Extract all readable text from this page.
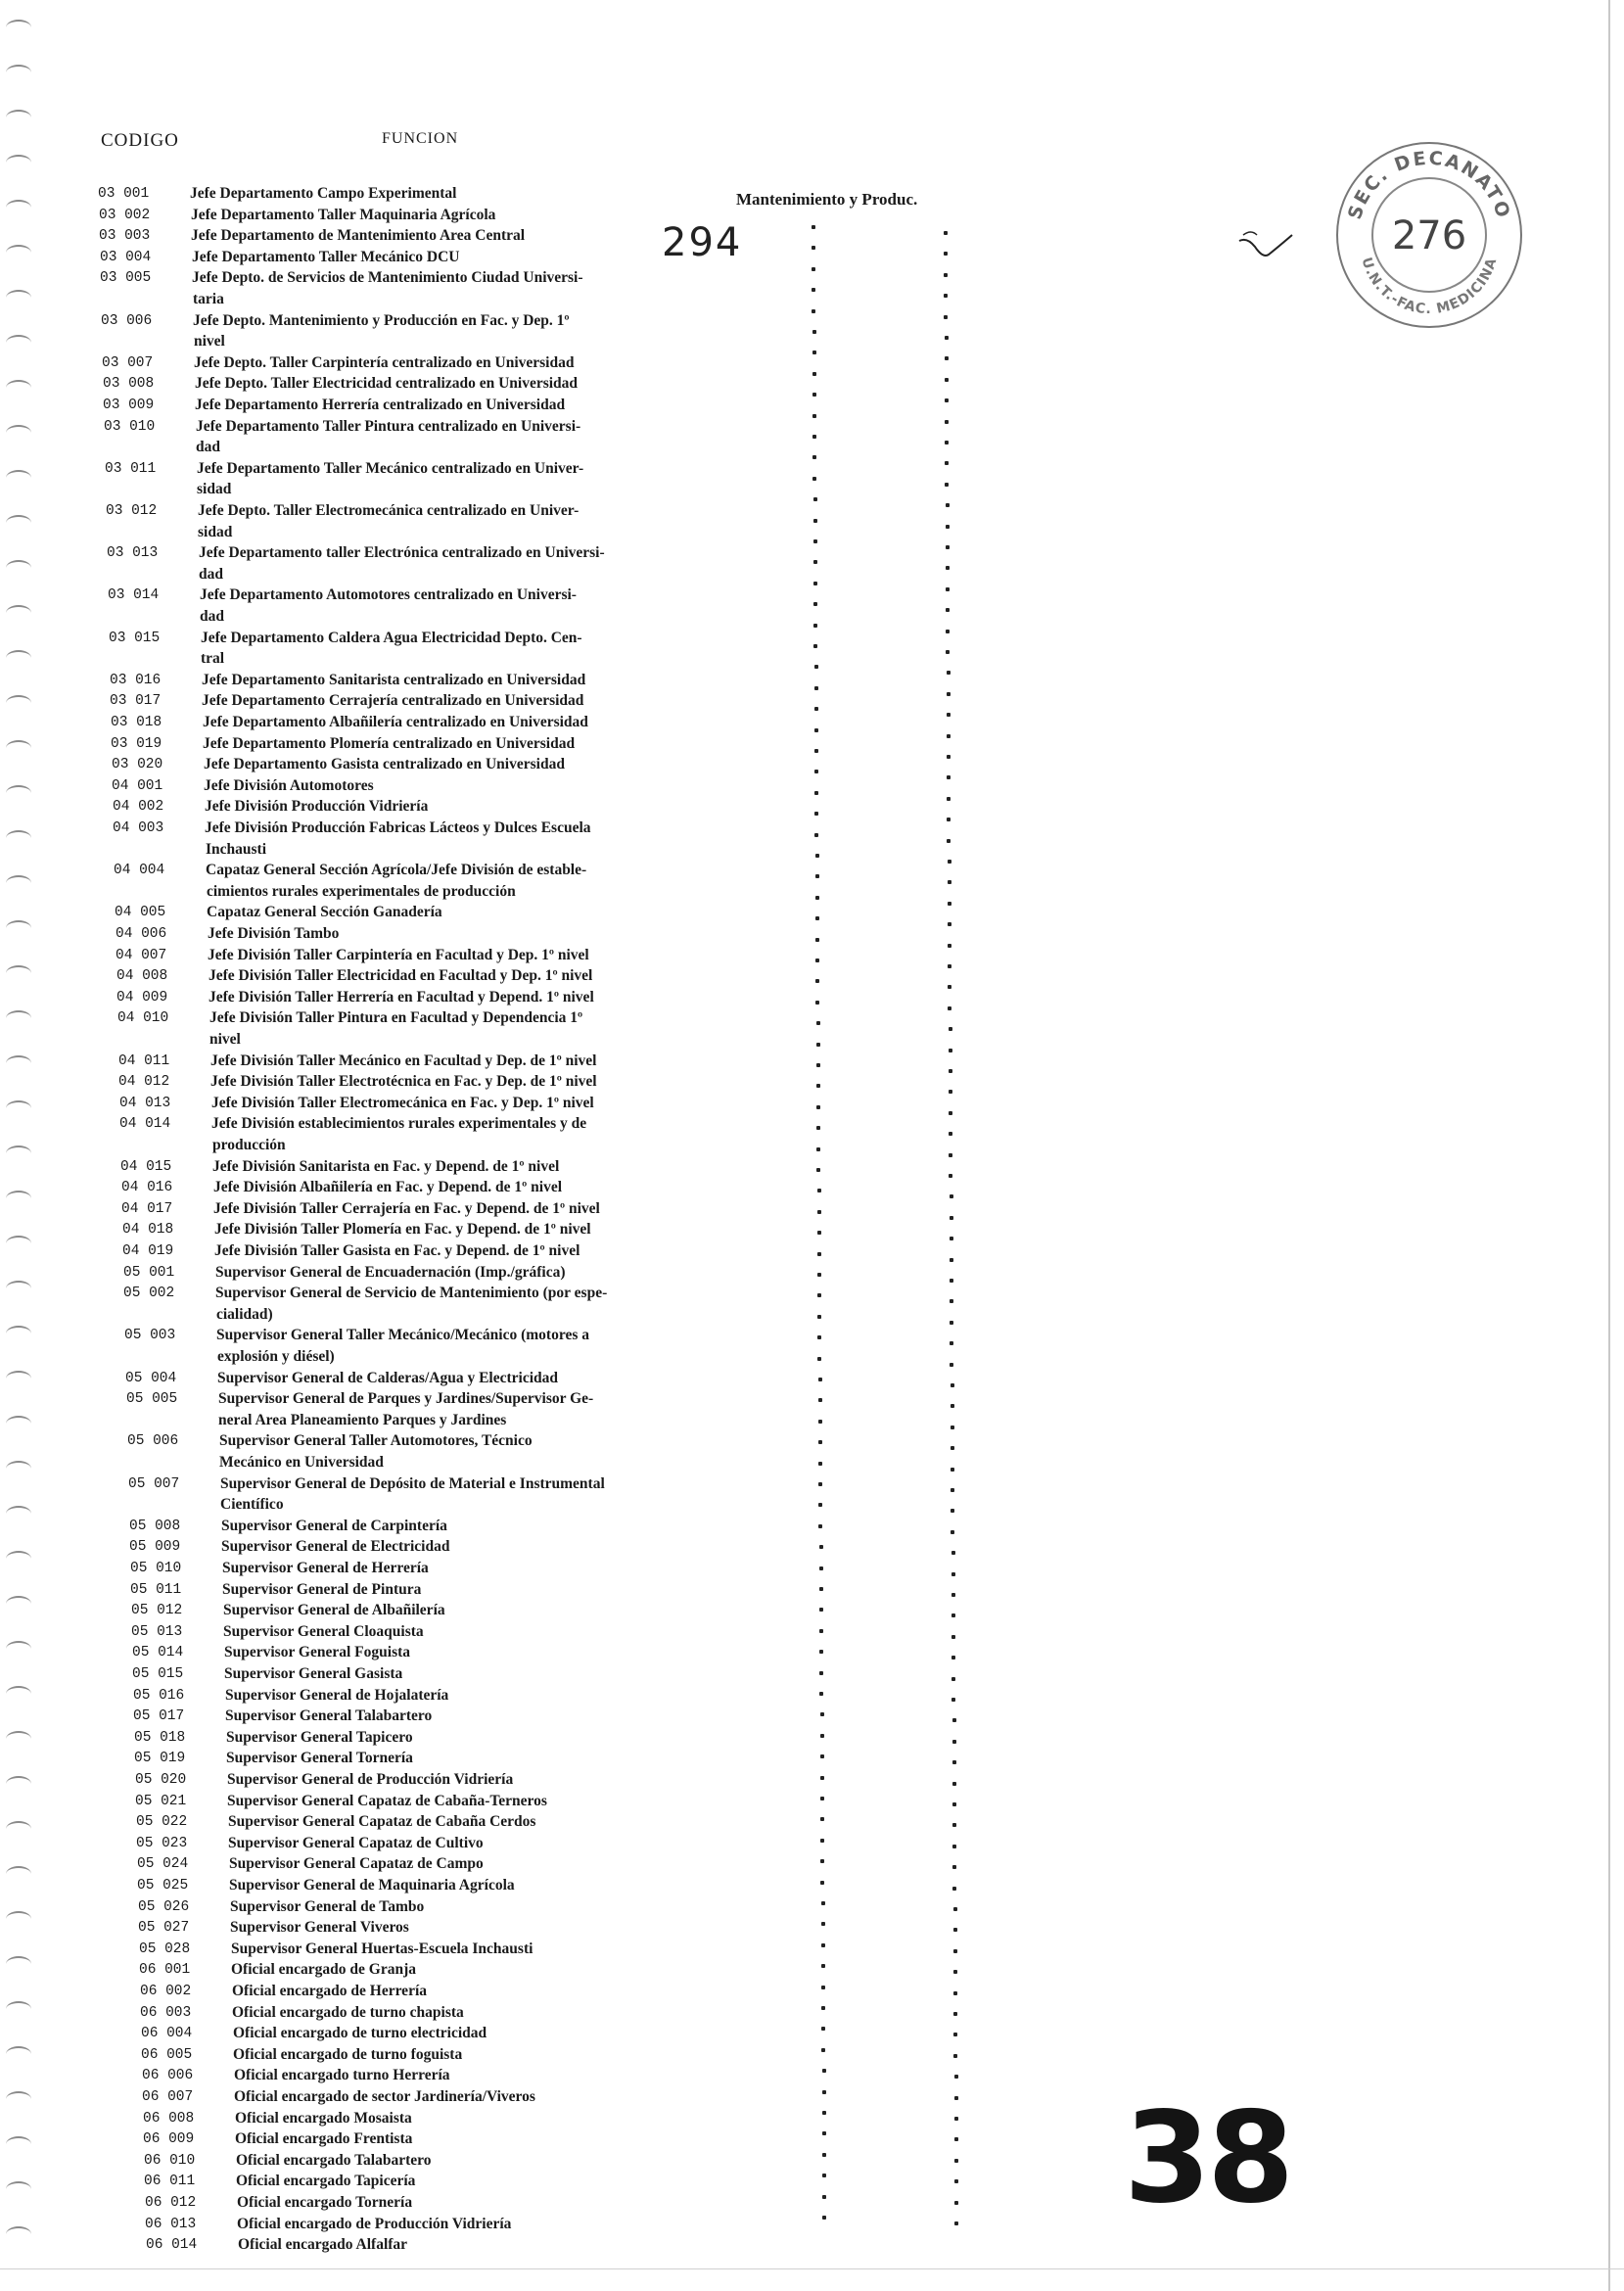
CODIGO	FUNCION
Mantenimiento y Produc.
294
SEC. DECANATO
U.N.T.-FAC. MEDICINA
276
03 001	Jefe Departamento Campo Experimental
03 002	Jefe Departamento Taller Maquinaria Agrícola
03 003	Jefe Departamento de Mantenimiento Area Central
03 004	Jefe Departamento Taller Mecánico DCU
03 005	Jefe Depto. de Servicios de Mantenimiento Ciudad Universi-
taria
03 006	Jefe Depto. Mantenimiento y Producción en Fac. y Dep. 1º
nivel
03 007	Jefe Depto. Taller Carpintería centralizado en Universidad
03 008	Jefe Depto. Taller Electricidad centralizado en Universidad
03 009	Jefe Departamento Herrería centralizado en Universidad
03 010	Jefe Departamento Taller Pintura centralizado en Universi-
dad
03 011	Jefe Departamento Taller Mecánico centralizado en Univer-
sidad
03 012	Jefe Depto. Taller Electromecánica centralizado en Univer-
sidad
03 013	Jefe Departamento taller Electrónica centralizado en Universi-
dad
03 014	Jefe Departamento Automotores centralizado en Universi-
dad
03 015	Jefe Departamento Caldera Agua Electricidad Depto. Cen-
tral
03 016	Jefe Departamento Sanitarista centralizado en Universidad
03 017	Jefe Departamento Cerrajería centralizado en Universidad
03 018	Jefe Departamento Albañilería centralizado en Universidad
03 019	Jefe Departamento Plomería centralizado en Universidad
03 020	Jefe Departamento Gasista centralizado en Universidad
04 001	Jefe División Automotores
04 002	Jefe División Producción Vidriería
04 003	Jefe División Producción Fabricas Lácteos y Dulces Escuela
Inchausti
04 004	Capataz General Sección Agrícola/Jefe División de estable-
cimientos rurales experimentales de producción
04 005	Capataz General Sección Ganadería
04 006	Jefe División Tambo
04 007	Jefe División Taller Carpintería en Facultad y Dep. 1º nivel
04 008	Jefe División Taller Electricidad en Facultad y Dep. 1º nivel
04 009	Jefe División Taller Herrería en Facultad y Depend. 1º nivel
04 010	Jefe División Taller Pintura en Facultad y Dependencia 1º
nivel
04 011	Jefe División Taller Mecánico en Facultad y Dep. de 1º nivel
04 012	Jefe División Taller Electrotécnica en Fac. y Dep. de 1º nivel
04 013	Jefe División Taller Electromecánica en Fac. y Dep. 1º nivel
04 014	Jefe División establecimientos rurales experimentales y de
producción
04 015	Jefe División Sanitarista en Fac. y Depend. de 1º nivel
04 016	Jefe División Albañilería en Fac. y Depend. de 1º nivel
04 017	Jefe División Taller Cerrajería en Fac. y Depend. de 1º nivel
04 018	Jefe División Taller Plomería en Fac. y Depend. de 1º nivel
04 019	Jefe División Taller Gasista en Fac. y Depend. de 1º nivel
05 001	Supervisor General de Encuadernación (Imp./gráfica)
05 002	Supervisor General de Servicio de Mantenimiento (por espe-
cialidad)
05 003	Supervisor General Taller Mecánico/Mecánico (motores a
explosión y diésel)
05 004	Supervisor General de Calderas/Agua y Electricidad
05 005	Supervisor General de Parques y Jardines/Supervisor Ge-
neral Area Planeamiento Parques y Jardines
05 006	Supervisor General Taller Automotores, Técnico
Mecánico en Universidad
05 007	Supervisor General de Depósito de Material e Instrumental
Científico
05 008	Supervisor General de Carpintería
05 009	Supervisor General de Electricidad
05 010	Supervisor General de Herrería
05 011	Supervisor General de Pintura
05 012	Supervisor General de Albañilería
05 013	Supervisor General Cloaquista
05 014	Supervisor General Foguista
05 015	Supervisor General Gasista
05 016	Supervisor General de Hojalatería
05 017	Supervisor General Talabartero
05 018	Supervisor General Tapicero
05 019	Supervisor General Tornería
05 020	Supervisor General de Producción Vidriería
05 021	Supervisor General Capataz de Cabaña-Terneros
05 022	Supervisor General Capataz de Cabaña Cerdos
05 023	Supervisor General Capataz de Cultivo
05 024	Supervisor General Capataz de Campo
05 025	Supervisor General de Maquinaria Agrícola
05 026	Supervisor General de Tambo
05 027	Supervisor General Viveros
05 028	Supervisor General Huertas-Escuela Inchausti
06 001	Oficial encargado de Granja
06 002	Oficial encargado de Herrería
06 003	Oficial encargado de turno chapista
06 004	Oficial encargado de turno electricidad
06 005	Oficial encargado de turno foguista
06 006	Oficial encargado turno Herrería
06 007	Oficial encargado de sector Jardinería/Viveros
06 008	Oficial encargado Mosaista
06 009	Oficial encargado Frentista
06 010	Oficial encargado Talabartero
06 011	Oficial encargado Tapicería
06 012	Oficial encargado Tornería
06 013	Oficial encargado de Producción Vidriería
06 014	Oficial encargado Alfalfar
38
